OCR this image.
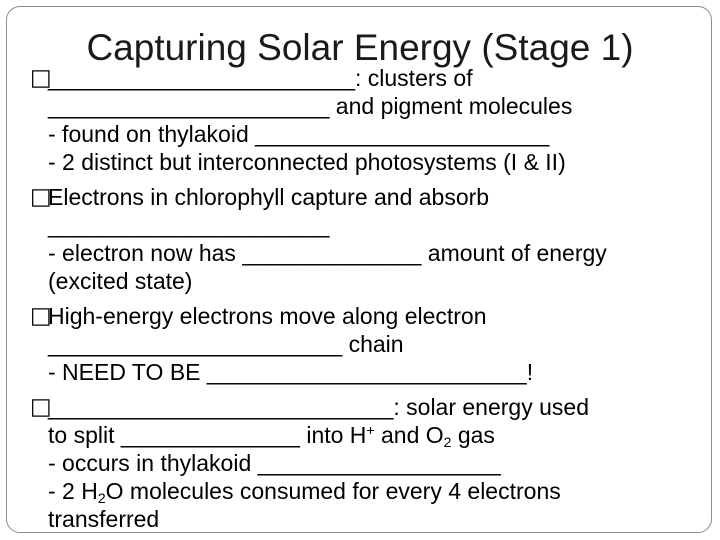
Capturing Solar Energy (Stage 1)
□
________________________: clusters of
______________________ and pigment molecules
- found on thylakoid _______________________
- 2 distinct but interconnected photosystems (I & II)
□
Electrons in chlorophyll capture and absorb
______________________
- electron now has ______________ amount of energy
(excited state)
□
High-energy electrons move along electron
_______________________ chain
- NEED TO BE _________________________!
□
___________________________: solar energy used
to split ______________ into H+ and $O_2$ gas
- occurs in thylakoid ___________________
- 2 $H_2O$ molecules consumed for every 4 electrons
transferred
